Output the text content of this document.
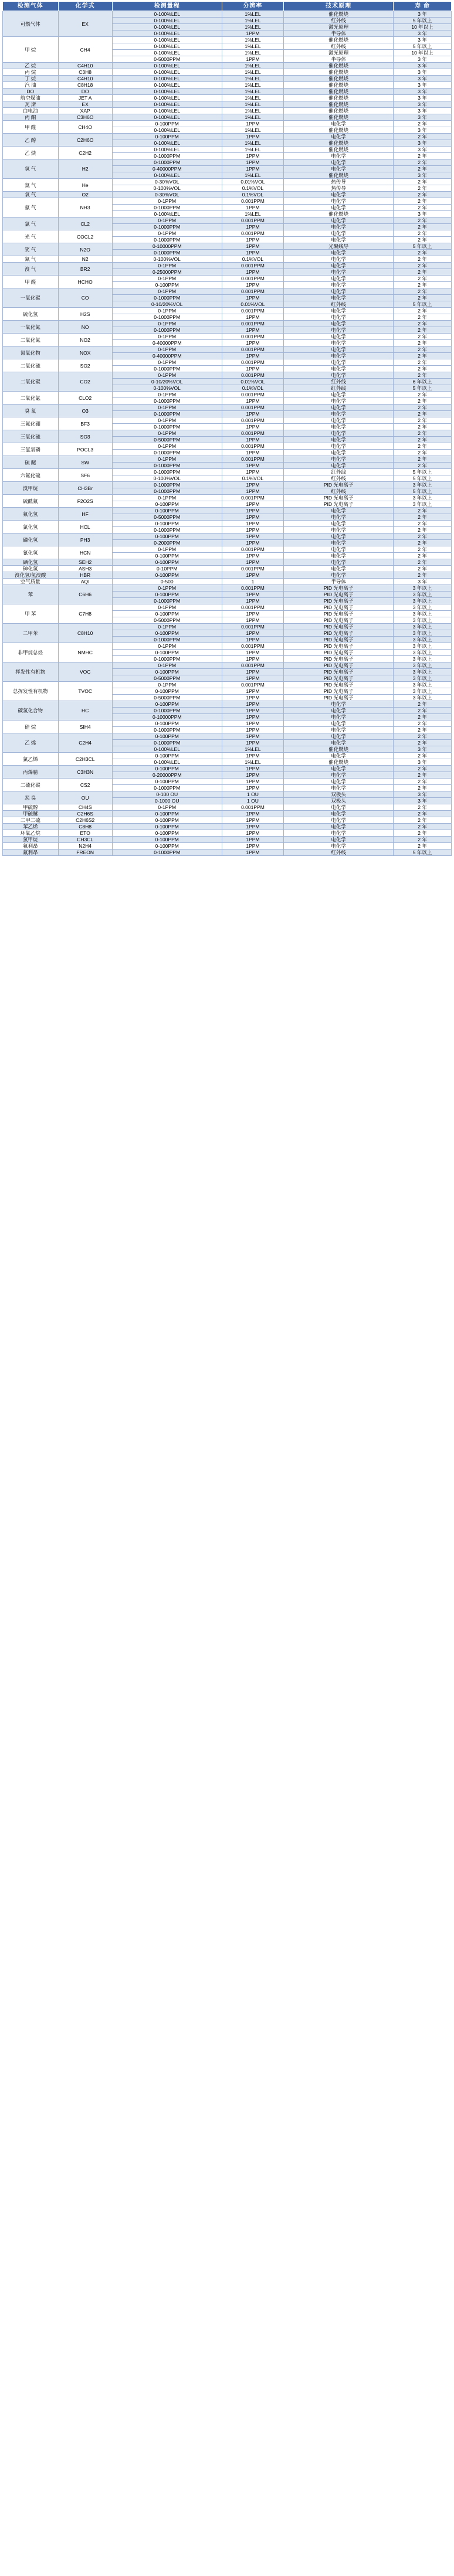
检测气体	化学式	检测量程	分辨率	技术原理	寿 命
可燃气体	EX	0-100%LEL	1%LEL	催化燃烧	3 年
		0-100%LEL	1%LEL	红外线	5 年以上
		0-100%LEL	1%LEL	激光原理	10 年以上
		0-100%LEL	1PPM	半导体	3 年
甲 烷	CH4	0-100%LEL	1%LEL	催化燃烧	3 年
		0-100%LEL	1%LEL	红外线	5 年以上
		0-100%LEL	1%LEL	激光原理	10 年以上
		0-5000PPM	1PPM	半导体	3 年
乙 烷	C4H10	0-100%LEL	1%LEL	催化燃烧	3 年
丙 烷	C3H8	0-100%LEL	1%LEL	催化燃烧	3 年
丁 烷	C4H10	0-100%LEL	1%LEL	催化燃烧	3 年
汽 油	C8H18	0-100%LEL	1%LEL	催化燃烧	3 年
DO	DO	0-100%LEL	1%LEL	催化燃烧	3 年
航空煤油	JET A	0-100%LEL	1%LEL	催化燃烧	3 年
瓦 斯	EX	0-100%LEL	1%LEL	催化燃烧	3 年
白电油	XAP	0-100%LEL	1%LEL	催化燃烧	3 年
丙 酮	C3H6O	0-100%LEL	1%LEL	催化燃烧	3 年
甲 醛	CH4O	0-100PPM	1PPM	电化学	2 年
		0-100%LEL	1%LEL	催化燃烧	3 年
乙 醇	C2H6O	0-100PPM	1PPM	电化学	2 年
		0-100%LEL	1%LEL	催化燃烧	3 年
乙 炔	C2H2	0-100%LEL	1%LEL	催化燃烧	3 年
		0-1000PPM	1PPM	电化学	2 年
氢 气	H2	0-1000PPM	1PPM	电化学	2 年
		0-40000PPM	1PPM	电化学	2 年
		0-100%LEL	1%LEL	催化燃烧	3 年
氦 气	He	0-30%VOL	0.01%VOL	热传导	2 年
		0-100%VOL	0.1%VOL	热传导	2 年
氧 气	O2	0-30%VOL	0.1%VOL	电化学	2 年
氨 气	NH3	0-1PPM	0.001PPM	电化学	2 年
		0-1000PPM	1PPM	电化学	2 年
		0-100%LEL	1%LEL	催化燃烧	3 年
氯 气	CL2	0-1PPM	0.001PPM	电化学	2 年
		0-1000PPM	1PPM	电化学	2 年
光 气	COCL2	0-1PPM	0.001PPM	电化学	2 年
		0-1000PPM	1PPM	电化学	2 年
笑 气	N2O	0-10000PPM	1PPM	光聚线导	5 年以上
		0-1000PPM	1PPM	电化学	2 年
氮 气	N2	0-100%VOL	0.1%VOL	电化学	2 年
溴 气	BR2	0-1PPM	0.001PPM	电化学	2 年
		0-25000PPM	1PPM	电化学	2 年
甲 醛	HCHO	0-1PPM	0.001PPM	电化学	2 年
		0-100PPM	1PPM	电化学	2 年
一氧化碳	CO	0-1PPM	0.001PPM	电化学	2 年
		0-1000PPM	1PPM	电化学	2 年
		0-10/20%VOL	0.01%VOL	红外线	5 年以上
硫化氢	H2S	0-1PPM	0.001PPM	电化学	2 年
		0-1000PPM	1PPM	电化学	2 年
一氧化氮	NO	0-1PPM	0.001PPM	电化学	2 年
		0-1000PPM	1PPM	电化学	2 年
二氧化氮	NO2	0-1PPM	0.001PPM	电化学	2 年
		0-40000PPM	1PPM	电化学	2 年
氮氧化物	NOX	0-1PPM	0.001PPM	电化学	2 年
		0-40000PPM	1PPM	电化学	2 年
二氧化硫	SO2	0-1PPM	0.001PPM	电化学	2 年
		0-1000PPM	1PPM	电化学	2 年
二氧化碳	CO2	0-1PPM	0.001PPM	电化学	2 年
		0-10/20%VOL	0.01%VOL	红外线	6 年以上
		0-100%VOL	0.1%VOL	红外线	5 年以上
二氧化氯	CLO2	0-1PPM	0.001PPM	电化学	2 年
		0-1000PPM	1PPM	电化学	2 年
臭 氧	O3	0-1PPM	0.001PPM	电化学	2 年
		0-1000PPM	1PPM	电化学	2 年
三氟化硼	BF3	0-1PPM	0.001PPM	电化学	2 年
		0-1000PPM	1PPM	电化学	2 年
三氧化硫	SO3	0-1PPM	0.001PPM	电化学	2 年
		0-5000PPM	1PPM	电化学	2 年
三氯氧磷	POCL3	0-1PPM	0.001PPM	电化学	2 年
		0-1000PPM	1PPM	电化学	2 年
硫 醚	SW	0-1PPM	0.001PPM	电化学	2 年
		0-1000PPM	1PPM	电化学	2 年
六氟化硫	SF6	0-1000PPM	1PPM	红外线	5 年以上
		0-100%VOL	0.1%VOL	红外线	5 年以上
溴甲烷	CH3Br	0-1000PPM	1PPM	PID 光电离子	3 年以上
		0-1000PPM	1PPM	红外线	5 年以上
硫酰氟	F2O2S	0-1PPM	0.001PPM	PID 光电离子	3 年以上
		0-100PPM	1PPM	PID 光电离子	3 年以上
氟化氢	HF	0-100PPM	1PPM	电化学	2 年
		0-5000PPM	1PPM	电化学	2 年
氯化氢	HCL	0-100PPM	1PPM	电化学	2 年
		0-1000PPM	1PPM	电化学	2 年
磷化氢	PH3	0-100PPM	1PPM	电化学	2 年
		0-2000PPM	1PPM	电化学	2 年
氰化氢	HCN	0-1PPM	0.001PPM	电化学	2 年
		0-100PPM	1PPM	电化学	2 年
硒化氢	SEH2	0-100PPM	1PPM	电化学	2 年
砷化氢	ASH3	0-10PPM	0.001PPM	电化学	2 年
溴化氢/氢溴酸	HBR	0-100PPM	1PPM	电化学	2 年
空气质量	AQI	0-500	1	半导体	3 年
苯	C6H6	0-1PPM	0.001PPM	PID 光电离子	3 年以上
		0-100PPM	1PPM	PID 光电离子	3 年以上
		0-1000PPM	1PPM	PID 光电离子	3 年以上
甲 苯	C7H8	0-1PPM	0.001PPM	PID 光电离子	3 年以上
		0-100PPM	1PPM	PID 光电离子	3 年以上
		0-5000PPM	1PPM	PID 光电离子	3 年以上
二甲苯	C8H10	0-1PPM	0.001PPM	PID 光电离子	3 年以上
		0-100PPM	1PPM	PID 光电离子	3 年以上
		0-1000PPM	1PPM	PID 光电离子	3 年以上
非甲烷总烃	NMHC	0-1PPM	0.001PPM	PID 光电离子	3 年以上
		0-100PPM	1PPM	PID 光电离子	3 年以上
		0-1000PPM	1PPM	PID 光电离子	3 年以上
挥发性有机物	VOC	0-1PPM	0.001PPM	PID 光电离子	3 年以上
		0-100PPM	1PPM	PID 光电离子	3 年以上
		0-5000PPM	1PPM	PID 光电离子	3 年以上
总挥发性有机物	TVOC	0-1PPM	0.001PPM	PID 光电离子	3 年以上
		0-100PPM	1PPM	PID 光电离子	3 年以上
		0-5000PPM	1PPM	PID 光电离子	3 年以上
碳氢化合物	HC	0-100PPM	1PPM	电化学	2 年
		0-1000PPM	1PPM	电化学	2 年
		0-10000PPM	1PPM	电化学	2 年
硅 烷	SIH4	0-100PPM	1PPM	电化学	2 年
		0-1000PPM	1PPM	电化学	2 年
乙 烯	C2H4	0-100PPM	1PPM	电化学	2 年
		0-1000PPM	1PPM	电化学	2 年
		0-100%LEL	1%LEL	催化燃烧	3 年
氯乙烯	C2H3CL	0-100PPM	1PPM	电化学	2 年
		0-100%LEL	1%LEL	催化燃烧	3 年
丙烯腈	C3H3N	0-100PPM	1PPM	电化学	2 年
		0-20000PPM	1PPM	电化学	2 年
二硫化碳	CS2	0-100PPM	1PPM	电化学	2 年
		0-1000PPM	1PPM	电化学	2 年
恶 臭	OU	0-100 OU	1 OU	双极头	3 年
		0-1000 OU	1 OU	双极头	3 年
甲硫醇	CH4S	0-1PPM	0.001PPM	电化学	2 年
甲硫醚	C2H6S	0-100PPM	1PPM	电化学	2 年
二甲二硫	C2H6S2	0-100PPM	1PPM	电化学	2 年
苯乙烯	C8H8	0-100PPM	1PPM	电化学	2 年
环氧乙烷	ETO	0-100PPM	1PPM	电化学	2 年
氯甲烷	CH3CL	0-100PPM	1PPM	电化学	2 年
氟利昂	N2H4	0-100PPM	1PPM	电化学	2 年
氟利昂	FREON	0-1000PPM	1PPM	红外线	5 年以上
